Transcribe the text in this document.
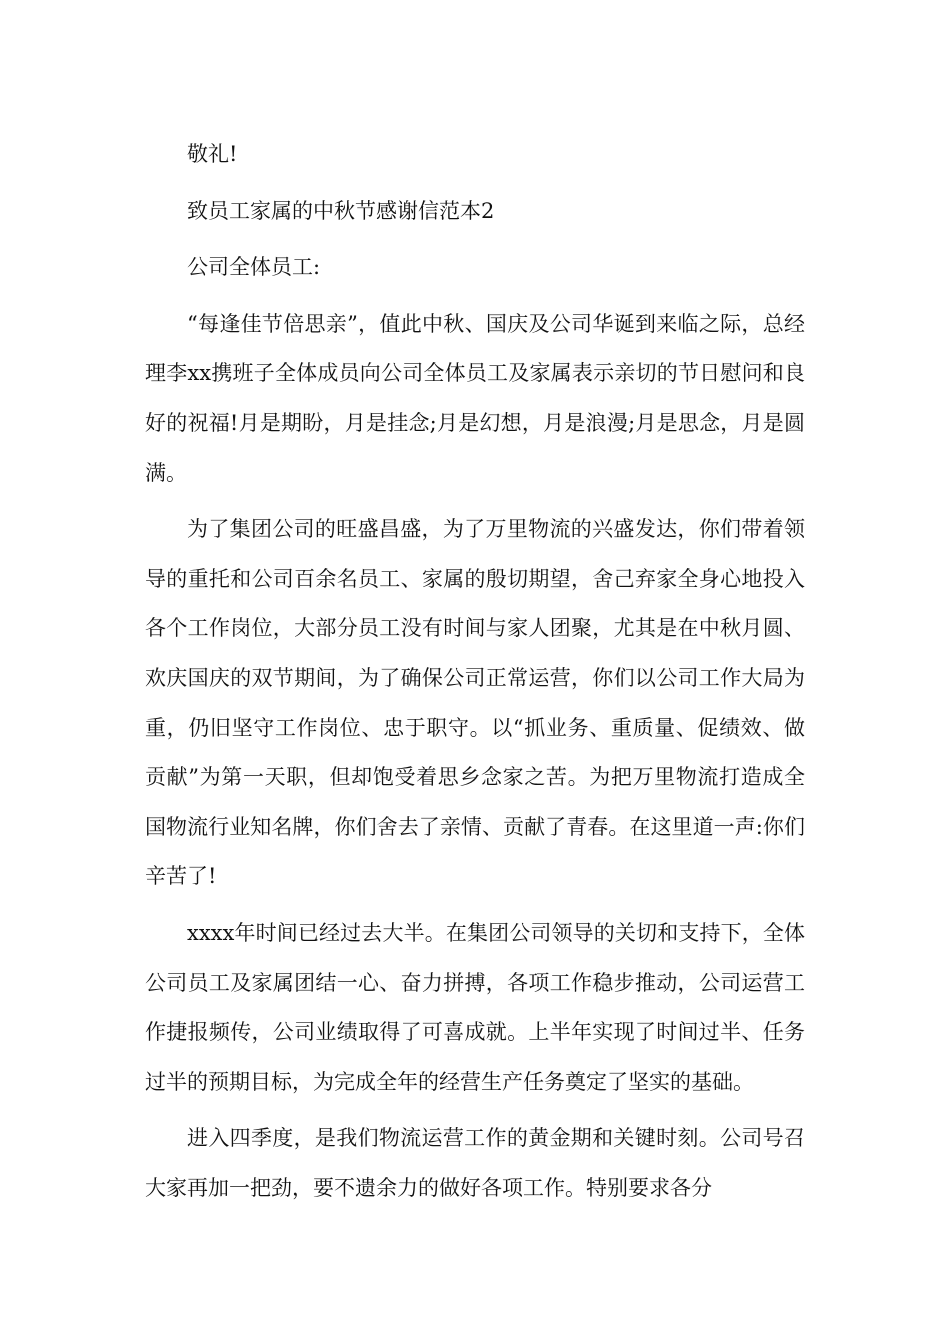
敬礼!

致员工家属的中秋节感谢信范本2

公司全体员工:

“每逢佳节倍思亲”，值此中秋、国庆及公司华诞到来临之际，总经理李xx携班子全体成员向公司全体员工及家属表示亲切的节日慰问和良好的祝福!月是期盼，月是挂念;月是幻想，月是浪漫;月是思念，月是圆满。

为了集团公司的旺盛昌盛，为了万里物流的兴盛发达，你们带着领导的重托和公司百余名员工、家属的殷切期望，舍己弃家全身心地投入各个工作岗位，大部分员工没有时间与家人团聚，尤其是在中秋月圆、欢庆国庆的双节期间，为了确保公司正常运营，你们以公司工作大局为重，仍旧坚守工作岗位、忠于职守。以“抓业务、重质量、促绩效、做贡献”为第一天职，但却饱受着思乡念家之苦。为把万里物流打造成全国物流行业知名牌，你们舍去了亲情、贡献了青春。在这里道一声:你们辛苦了!

xxxx年时间已经过去大半。在集团公司领导的关切和支持下，全体公司员工及家属团结一心、奋力拼搏，各项工作稳步推动，公司运营工作捷报频传，公司业绩取得了可喜成就。上半年实现了时间过半、任务过半的预期目标，为完成全年的经营生产任务奠定了坚实的基础。

进入四季度，是我们物流运营工作的黄金期和关键时刻。公司号召大家再加一把劲，要不遗余力的做好各项工作。特别要求各分
